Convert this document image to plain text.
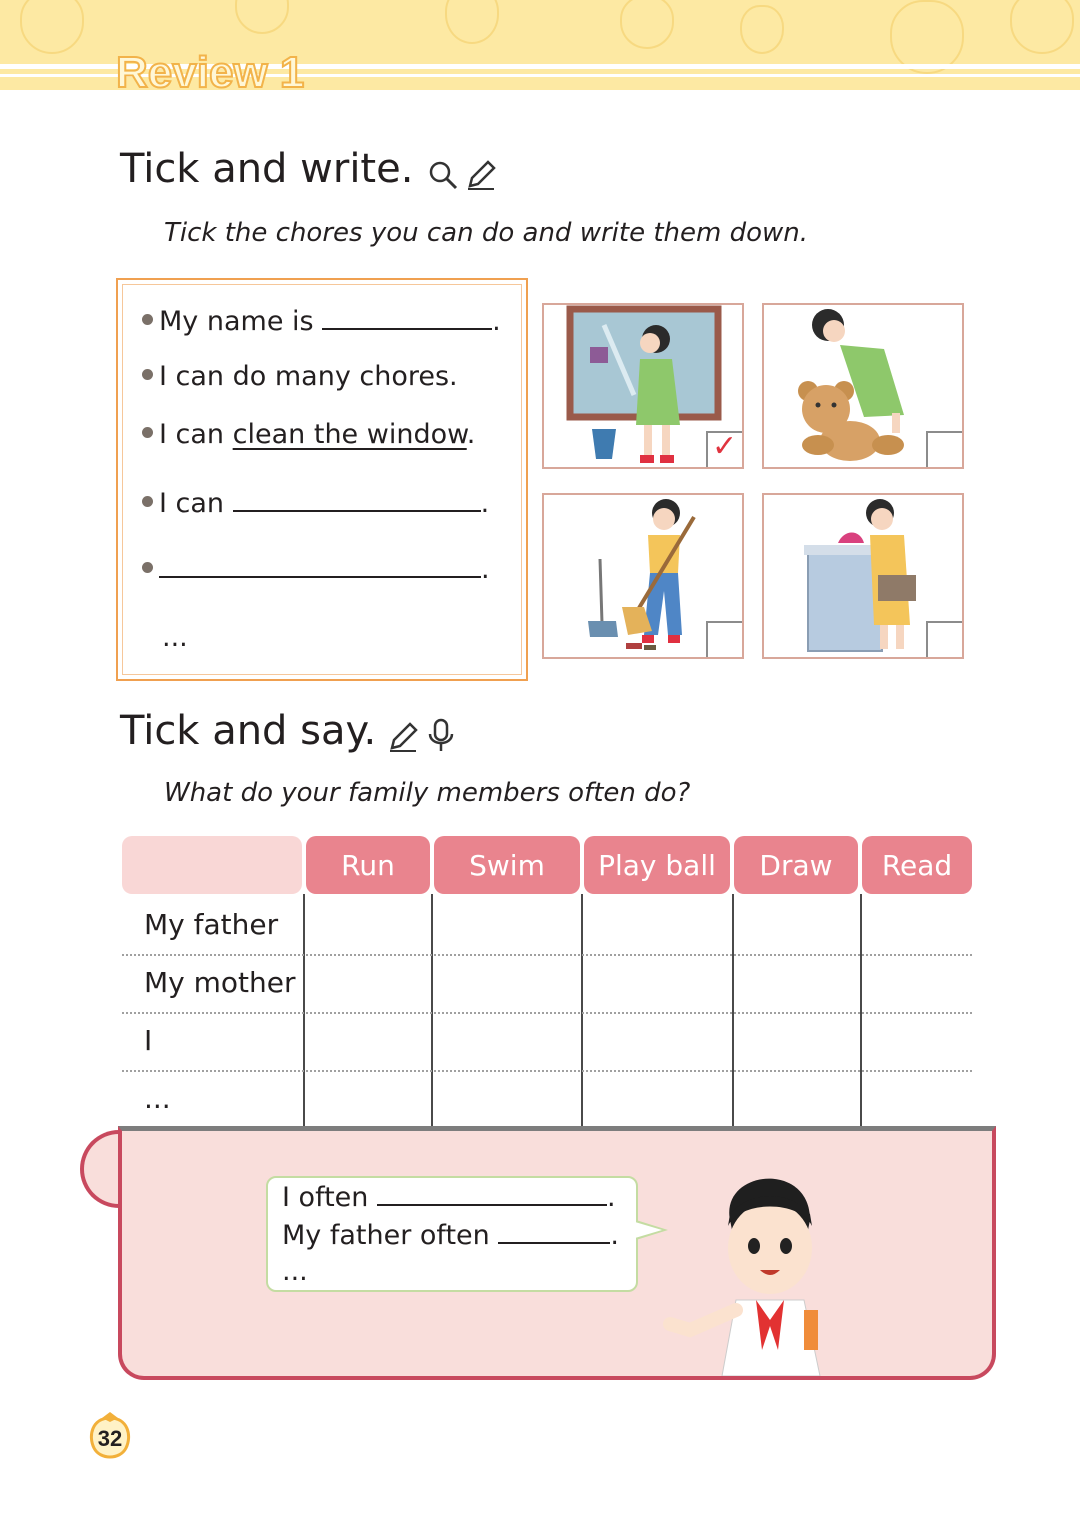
Review 1
Tick and write.
Tick the chores you can do and write them down.
My name is	.
I can do many chores.
I can clean the window.
I can	.
.
...
✓
Tick and say.
What do your family members often do?
Run	Swim	Play ball	Draw	Read
My father
My mother
I
...
I often	.
My father often	.
...
32
